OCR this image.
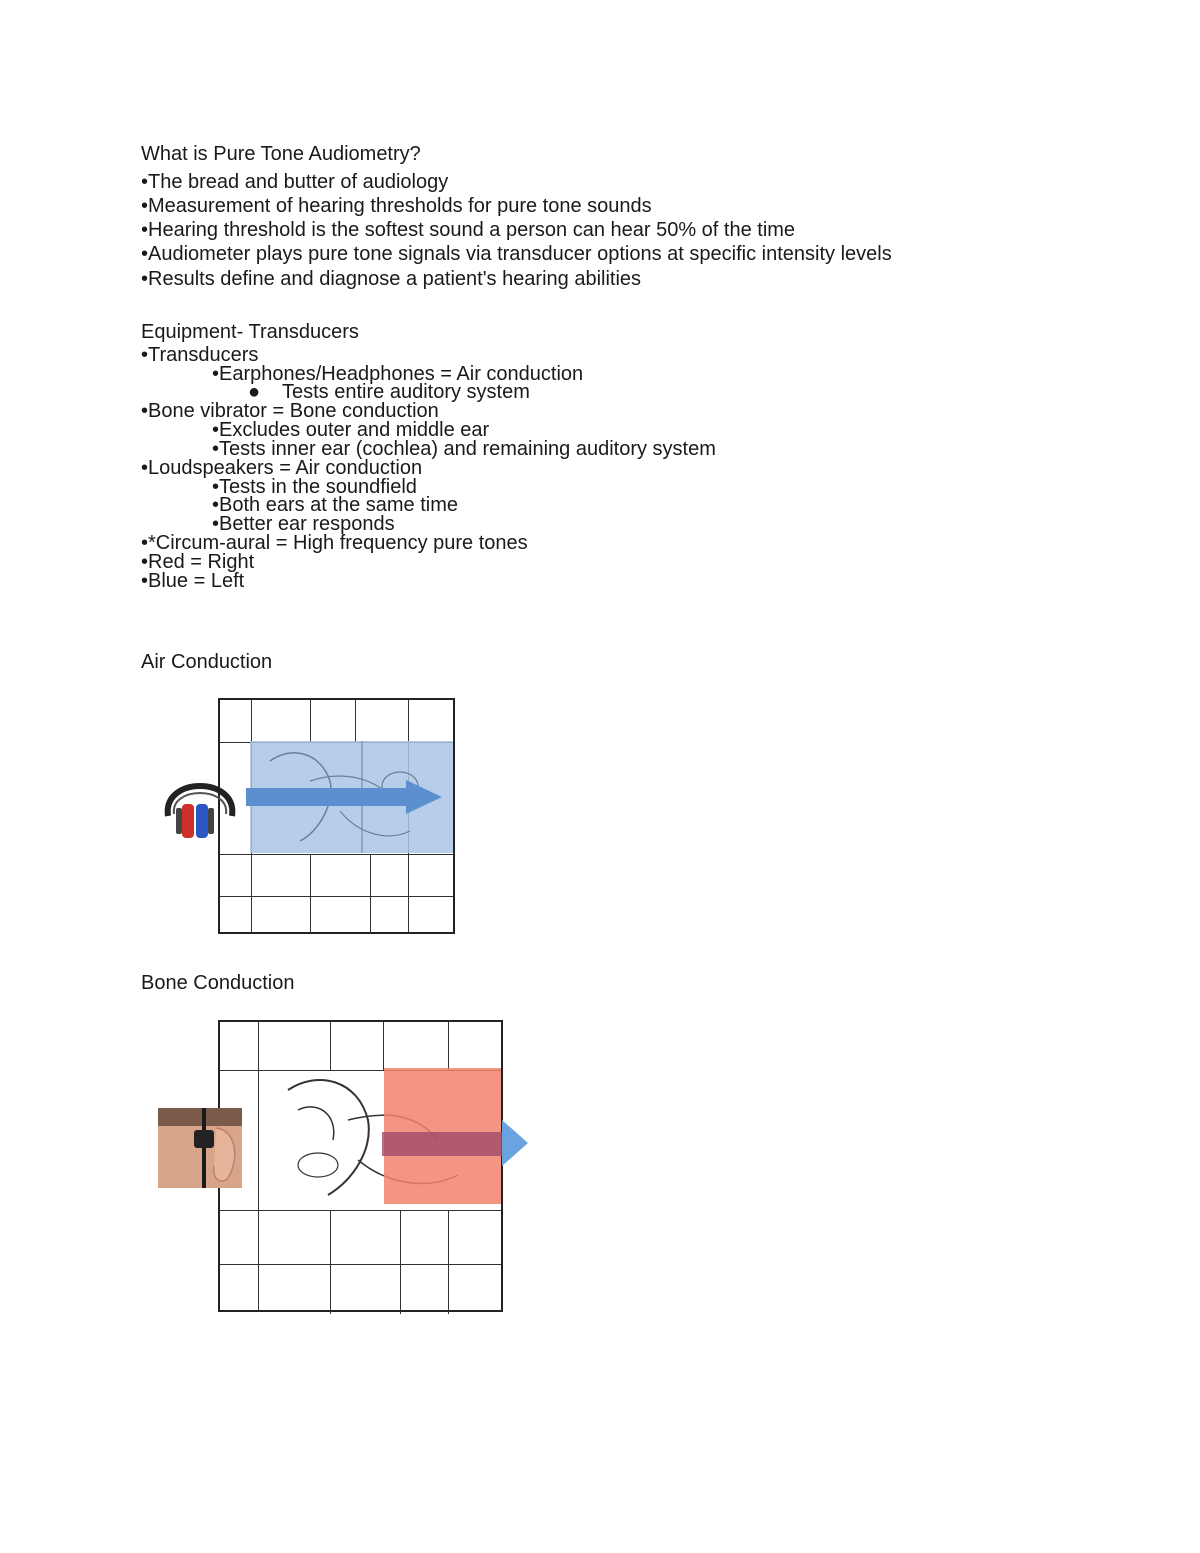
What is Pure Tone Audiometry?
•The bread and butter of audiology
•Measurement of hearing thresholds for pure tone sounds
•Hearing threshold is the softest sound a person can hear 50% of the time
•Audiometer plays pure tone signals via transducer options at specific intensity levels
•Results define and diagnose a patient's hearing abilities
Equipment- Transducers
•Transducers
•Earphones/Headphones = Air conduction
● Tests entire auditory system
•Bone vibrator = Bone conduction
•Excludes outer and middle ear
•Tests inner ear (cochlea) and remaining auditory system
•Loudspeakers = Air conduction
•Tests in the soundfield
•Both ears at the same time
•Better ear responds
•*Circum-aural = High frequency pure tones
•Red = Right
•Blue = Left
Air Conduction
Bone Conduction
